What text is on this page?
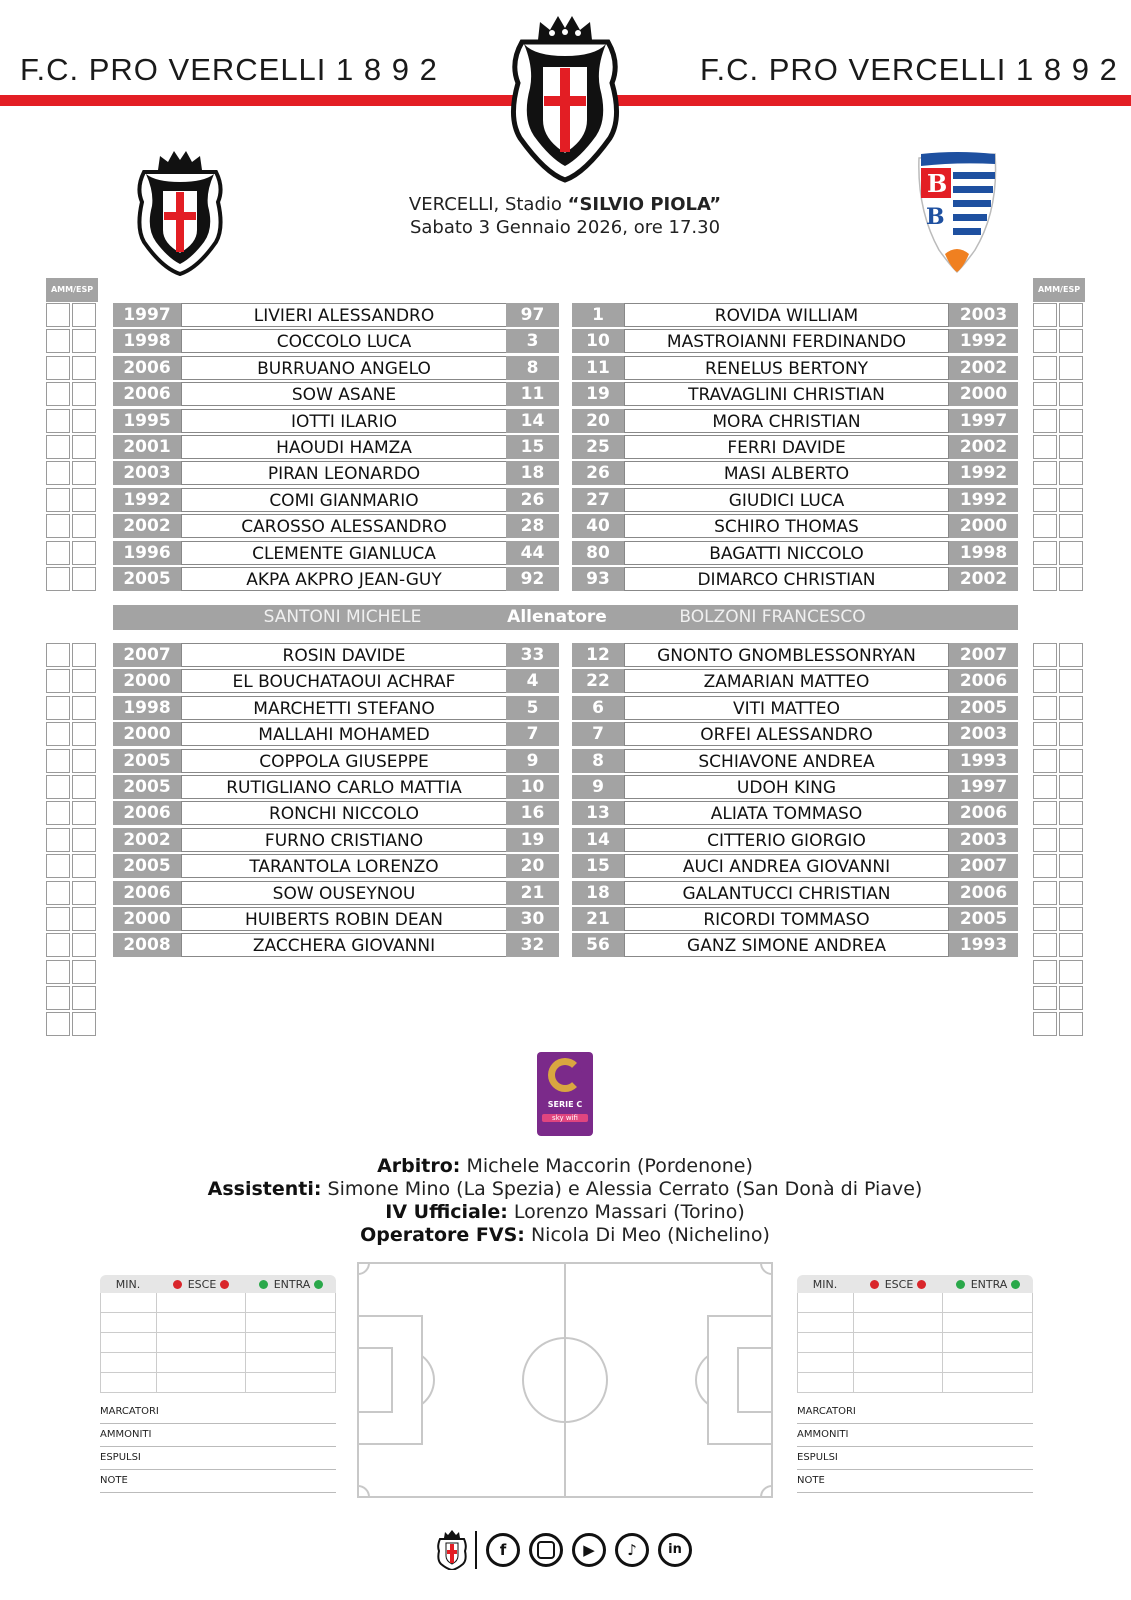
F.C. PRO VERCELLI 1 8 9 2	F.C. PRO VERCELLI 1 8 9 2
B
B
VERCELLI, Stadio “SILVIO PIOLA”
Sabato 3 Gennaio 2026, ore 17.30
AMM/ESP	AMM/ESP
1997	LIVIERI ALESSANDRO	97
1998	COCCOLO LUCA	3
2006	BURRUANO ANGELO	8
2006	SOW ASANE	11
1995	IOTTI ILARIO	14
2001	HAOUDI HAMZA	15
2003	PIRAN LEONARDO	18
1992	COMI GIANMARIO	26
2002	CAROSSO ALESSANDRO	28
1996	CLEMENTE GIANLUCA	44
2005	AKPA AKPRO JEAN-GUY	92
1	ROVIDA WILLIAM	2003
10	MASTROIANNI FERDINANDO	1992
11	RENELUS BERTONY	2002
19	TRAVAGLINI CHRISTIAN	2000
20	MORA CHRISTIAN	1997
25	FERRI DAVIDE	2002
26	MASI ALBERTO	1992
27	GIUDICI LUCA	1992
40	SCHIRO THOMAS	2000
80	BAGATTI NICCOLO	1998
93	DIMARCO CHRISTIAN	2002
SANTONI MICHELE	Allenatore	BOLZONI FRANCESCO
2007	ROSIN DAVIDE	33
2000	EL BOUCHATAOUI ACHRAF	4
1998	MARCHETTI STEFANO	5
2000	MALLAHI MOHAMED	7
2005	COPPOLA GIUSEPPE	9
2005	RUTIGLIANO CARLO MATTIA	10
2006	RONCHI NICCOLO	16
2002	FURNO CRISTIANO	19
2005	TARANTOLA LORENZO	20
2006	SOW OUSEYNOU	21
2000	HUIBERTS ROBIN DEAN	30
2008	ZACCHERA GIOVANNI	32
12	GNONTO GNOMBLESSONRYAN	2007
22	ZAMARIAN MATTEO	2006
6	VITI MATTEO	2005
7	ORFEI ALESSANDRO	2003
8	SCHIAVONE ANDREA	1993
9	UDOH KING	1997
13	ALIATA TOMMASO	2006
14	CITTERIO GIORGIO	2003
15	AUCI ANDREA GIOVANNI	2007
18	GALANTUCCI CHRISTIAN	2006
21	RICORDI TOMMASO	2005
56	GANZ SIMONE ANDREA	1993
SERIE C
sky wifi
Arbitro: Michele Maccorin (Pordenone)
Assistenti: Simone Mino (La Spezia) e Alessia Cerrato (San Donà di Piave)
IV Ufficiale: Lorenzo Massari (Torino)
Operatore FVS: Nicola Di Meo (Nichelino)
MIN.	ESCE	ENTRA
MARCATORI
AMMONITI
ESPULSI
NOTE
MIN.	ESCE	ENTRA
MARCATORI
AMMONITI
ESPULSI
NOTE
f	▶	♪	in
